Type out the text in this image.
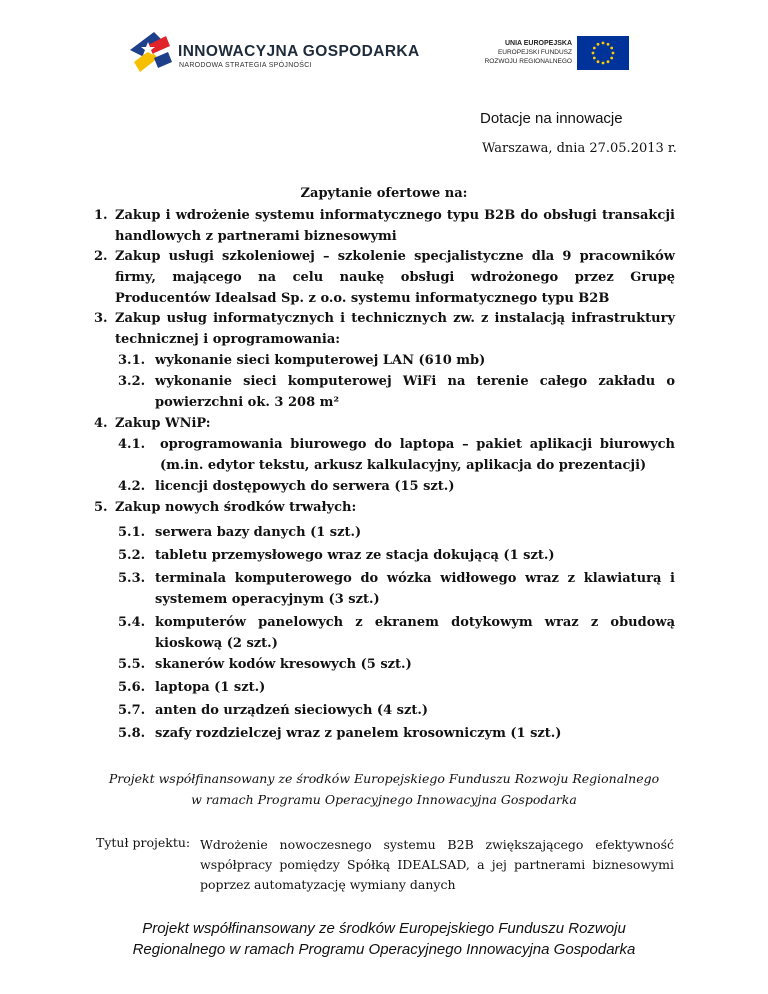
INNOWACYJNA GOSPODARKA
NARODOWA STRATEGIA SPÓJNOŚCI
UNIA EUROPEJSKA
EUROPEJSKI FUNDUSZ
ROZWOJU REGIONALNEGO
Dotacje na innowacje
Warszawa, dnia 27.05.2013 r.
Zapytanie ofertowe na:
1. Zakup i wdrożenie systemu informatycznego typu B2B do obsługi transakcji handlowych z partnerami biznesowymi
2. Zakup usługi szkoleniowej – szkolenie specjalistyczne dla 9 pracowników firmy, mającego na celu naukę obsługi wdrożonego przez Grupę Producentów Idealsad Sp. z o.o. systemu informatycznego typu B2B
3. Zakup usług informatycznych i technicznych zw. z instalacją infrastruktury technicznej i oprogramowania:
3.1. wykonanie sieci komputerowej LAN (610 mb)
3.2. wykonanie sieci komputerowej WiFi na terenie całego zakładu o powierzchni ok. 3 208 m²
4. Zakup WNiP:
4.1. oprogramowania biurowego do laptopa – pakiet aplikacji biurowych (m.in. edytor tekstu, arkusz kalkulacyjny, aplikacja do prezentacji)
4.2. licencji dostępowych do serwera (15 szt.)
5. Zakup nowych środków trwałych:
5.1. serwera bazy danych (1 szt.)
5.2. tabletu przemysłowego wraz ze stacja dokującą (1 szt.)
5.3. terminala komputerowego do wózka widłowego wraz z klawiaturą i systemem operacyjnym (3 szt.)
5.4. komputerów panelowych z ekranem dotykowym wraz z obudową kioskową (2 szt.)
5.5. skanerów kodów kresowych (5 szt.)
5.6. laptopa (1 szt.)
5.7. anten do urządzeń sieciowych (4 szt.)
5.8. szafy rozdzielczej wraz z panelem krosowniczym (1 szt.)
Projekt współfinansowany ze środków Europejskiego Funduszu Rozwoju Regionalnego
w ramach Programu Operacyjnego Innowacyjna Gospodarka
Tytuł projektu: Wdrożenie nowoczesnego systemu B2B zwiększającego efektywność współpracy pomiędzy Spółką IDEALSAD, a jej partnerami biznesowymi poprzez automatyzację wymiany danych
Projekt współfinansowany ze środków Europejskiego Funduszu Rozwoju
Regionalnego w ramach Programu Operacyjnego Innowacyjna Gospodarka
